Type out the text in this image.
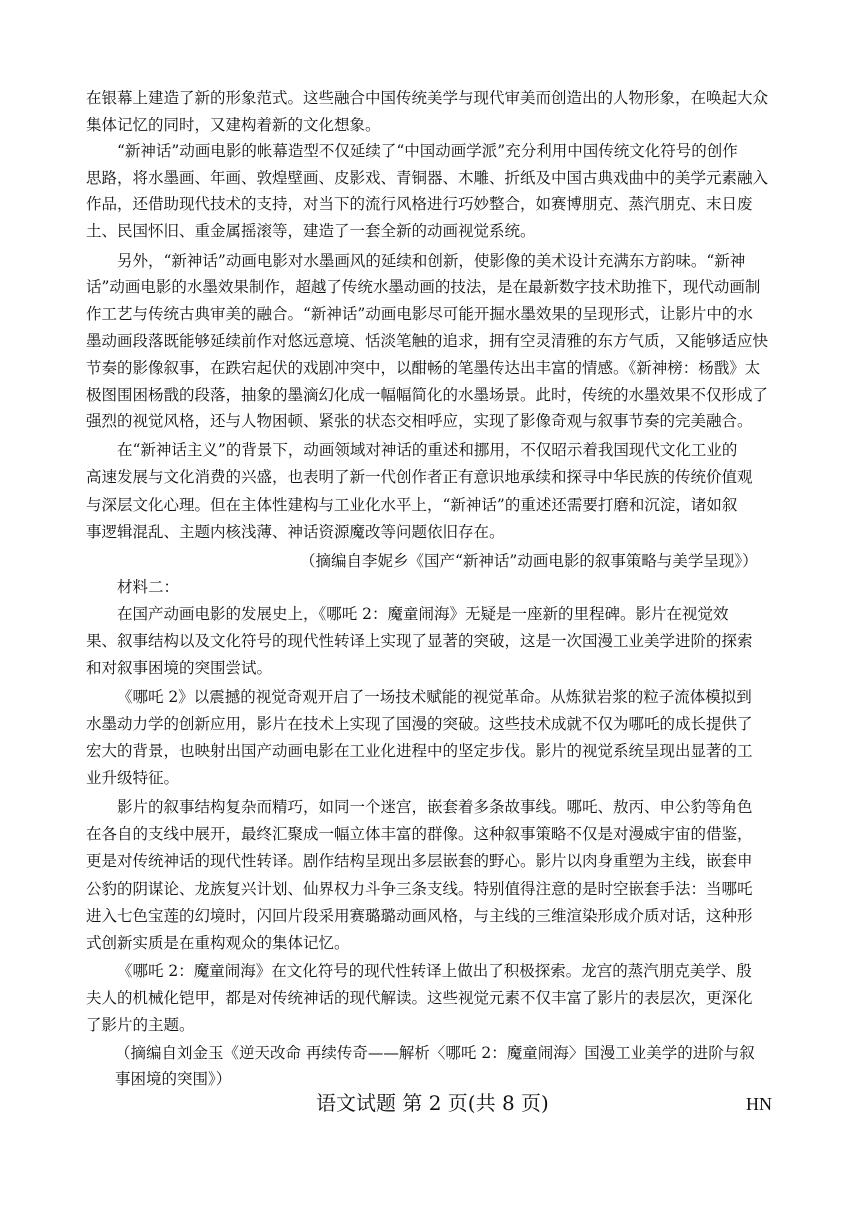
在银幕上建造了新的形象范式。这些融合中国传统美学与现代审美而创造出的人物形象，在唤起大众
集体记忆的同时，又建构着新的文化想象。
“新神话”动画电影的帐幕造型不仅延续了“中国动画学派”充分利用中国传统文化符号的创作
思路，将水墨画、年画、敦煌壁画、皮影戏、青铜器、木雕、折纸及中国古典戏曲中的美学元素融入
作品，还借助现代技术的支持，对当下的流行风格进行巧妙整合，如赛博朋克、蒸汽朋克、末日废
土、民国怀旧、重金属摇滚等，建造了一套全新的动画视觉系统。
另外，“新神话”动画电影对水墨画风的延续和创新，使影像的美术设计充满东方韵味。“新神
话”动画电影的水墨效果制作，超越了传统水墨动画的技法，是在最新数字技术助推下，现代动画制
作工艺与传统古典审美的融合。“新神话”动画电影尽可能开掘水墨效果的呈现形式，让影片中的水
墨动画段落既能够延续前作对悠远意境、恬淡笔触的追求，拥有空灵清雅的东方气质，又能够适应快
节奏的影像叙事，在跌宕起伏的戏剧冲突中，以酣畅的笔墨传达出丰富的情感。《新神榜：杨戬》太
极图围困杨戬的段落，抽象的墨滴幻化成一幅幅简化的水墨场景。此时，传统的水墨效果不仅形成了
强烈的视觉风格，还与人物困顿、紧张的状态交相呼应，实现了影像奇观与叙事节奏的完美融合。
在“新神话主义”的背景下，动画领域对神话的重述和挪用，不仅昭示着我国现代文化工业的
高速发展与文化消费的兴盛，也表明了新一代创作者正有意识地承续和探寻中华民族的传统价值观
与深层文化心理。但在主体性建构与工业化水平上，“新神话”的重述还需要打磨和沉淀，诸如叙
事逻辑混乱、主题内核浅薄、神话资源魔改等问题依旧存在。
（摘编自李妮乡《国产“新神话”动画电影的叙事策略与美学呈现》）
材料二：
在国产动画电影的发展史上，《哪吒 2：魔童闹海》无疑是一座新的里程碑。影片在视觉效
果、叙事结构以及文化符号的现代性转译上实现了显著的突破，这是一次国漫工业美学进阶的探索
和对叙事困境的突围尝试。
《哪吒 2》以震撼的视觉奇观开启了一场技术赋能的视觉革命。从炼狱岩浆的粒子流体模拟到
水墨动力学的创新应用，影片在技术上实现了国漫的突破。这些技术成就不仅为哪吒的成长提供了
宏大的背景，也映射出国产动画电影在工业化进程中的坚定步伐。影片的视觉系统呈现出显著的工
业升级特征。
影片的叙事结构复杂而精巧，如同一个迷宫，嵌套着多条故事线。哪吒、敖丙、申公豹等角色
在各自的支线中展开，最终汇聚成一幅立体丰富的群像。这种叙事策略不仅是对漫威宇宙的借鉴，
更是对传统神话的现代性转译。剧作结构呈现出多层嵌套的野心。影片以肉身重塑为主线，嵌套申
公豹的阴谋论、龙族复兴计划、仙界权力斗争三条支线。特别值得注意的是时空嵌套手法：当哪吒
进入七色宝莲的幻境时，闪回片段采用赛璐璐动画风格，与主线的三维渲染形成介质对话，这种形
式创新实质是在重构观众的集体记忆。
《哪吒 2：魔童闹海》在文化符号的现代性转译上做出了积极探索。龙宫的蒸汽朋克美学、殷
夫人的机械化铠甲，都是对传统神话的现代解读。这些视觉元素不仅丰富了影片的表层次，更深化
了影片的主题。
（摘编自刘金玉《逆天改命 再续传奇——解析〈哪吒 2：魔童闹海〉国漫工业美学的进阶与叙
事困境的突围》）
语文试题 第 2 页(共 8 页)	HN
